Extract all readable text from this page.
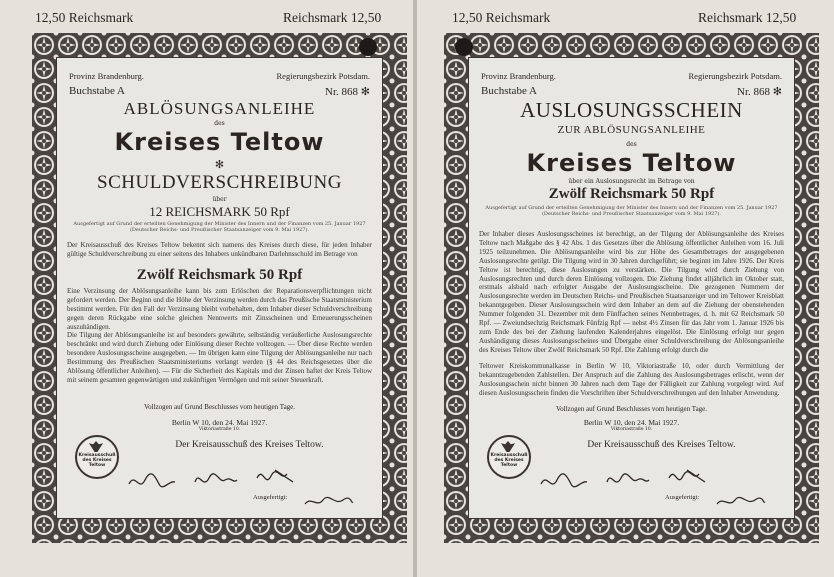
12,50 Reichsmark	Reichsmark 12,50
Provinz Brandenburg.	Regierungsbezirk Potsdam.
Buchstabe A	Nr. 868 ✻
ABLÖSUNGSANLEIHE
des
Kreises Teltow
✻
SCHULDVERSCHREIBUNG
über
12 REICHSMARK 50 Rpf
Ausgefertigt auf Grund der erteilten Genehmigung der Minister des Innern und der Finanzen vom 25. Januar 1927 (Deutscher Reichs- und Preußischer Staatsanzeiger vom 9. Mai 1927).
Der Kreisausschuß des Kreises Teltow bekennt sich namens des Kreises durch diese, für jeden Inhaber gültige Schuldverschreibung zu einer seitens des Inhabers unkündbaren Darlehnsschuld im Betrage von
Zwölf Reichsmark 50 Rpf
Eine Verzinsung der Ablösungsanleihe kann bis zum Erlöschen der Reparationsverpflichtungen nicht gefordert werden. Der Beginn und die Höhe der Verzinsung werden durch das Preußische Staatsministerium bestimmt werden. Für den Fall der Verzinsung bleibt vorbehalten, dem Inhaber dieser Schuldverschreibung gegen deren Rückgabe eine solche gleichen Nennwerts mit Zinsscheinen und Erneuerungsscheinen auszuhändigen.
Die Tilgung der Ablösungsanleihe ist auf besonders gewährte, selbständig veräußerliche Auslosungsrechte beschränkt und wird durch Ziehung oder Einlösung dieser Rechte vollzogen. — Über diese Rechte werden besondere Auslosungsscheine ausgegeben. — Im übrigen kann eine Tilgung der Ablösungsanleihe nur nach Bestimmung des Preußischen Staatsministeriums verlangt werden (§ 44 des Reichsgesetzes über die Ablösung öffentlicher Anleihen). — Für die Sicherheit des Kapitals und der Zinsen haftet der Kreis Teltow mit seinem gesamten gegenwärtigen und zukünftigen Vermögen und mit seiner Steuerkraft.
Vollzogen auf Grund Beschlusses vom heutigen Tage.
Berlin W 10, den 24. Mai 1927.
Viktoriastraße 10.
Kreisausschuß des Kreises Teltow
Der Kreisausschuß des Kreises Teltow.
Ausgefertigt:
12,50 Reichsmark	Reichsmark 12,50
Provinz Brandenburg.	Regierungsbezirk Potsdam.
Buchstabe A	Nr. 868 ✻
AUSLOSUNGSSCHEIN
ZUR ABLÖSUNGSANLEIHE
des
Kreises Teltow
über ein Auslosungsrecht im Betrage von
Zwölf Reichsmark 50 Rpf
Ausgefertigt auf Grund der erteilten Genehmigung der Minister des Innern und der Finanzen vom 25. Januar 1927 (Deutscher Reichs- und Preußischer Staatsanzeiger vom 9. Mai 1927).
Der Inhaber dieses Auslosungsscheines ist berechtigt, an der Tilgung der Ablösungsanleihe des Kreises Teltow nach Maßgabe des § 42 Abs. 1 des Gesetzes über die Ablösung öffentlicher Anleihen vom 16. Juli 1925 teilzunehmen. Die Ablösungsanleihe wird bis zur Höhe des Gesamtbetrages der ausgegebenen Auslosungsrechte getilgt. Die Tilgung wird in 30 Jahren durchgeführt; sie beginnt im Jahre 1926. Der Kreis Teltow ist berechtigt, diese Auslosungen zu verstärken. Die Tilgung wird durch Ziehung von Auslosungsrechten und durch deren Einlösung vollzogen. Die Ziehung findet alljährlich im Oktober statt, erstmals alsbald nach erfolgter Ausgabe der Auslosungsscheine. Die gezogenen Nummern der Auslosungsrechte werden im Deutschen Reichs- und Preußischen Staatsanzeiger und im Teltower Kreisblatt bekanntgegeben. Dieser Auslosungsschein wird dem Inhaber an dem auf die Ziehung der obenstehenden Nummer folgenden 31. Dezember mit dem Fünffachen seines Nennbetrages, d. h. mit 62 Reichsmark 50 Rpf. — Zweiundsechzig Reichsmark Fünfzig Rpf — nebst 4½ Zinsen für das Jahr vom 1. Januar 1926 bis zum Ende des bei der Ziehung laufenden Kalenderjahres eingelöst. Die Einlösung erfolgt nur gegen Aushändigung dieses Auslosungsscheines und Übergabe einer Schuldverschreibung der Ablösungsanleihe des Kreises Teltow über Zwölf Reichsmark 50 Rpf. Die Zahlung erfolgt durch die
Teltower Kreiskommunalkasse in Berlin W 10, Viktoriastraße 10, oder durch Vermittlung der bekanntzugebenden Zahlstellen. Der Anspruch auf die Zahlung des Auslosungsbetrages erlischt, wenn der Auslosungsschein nicht binnen 30 Jahren nach dem Tage der Fälligkeit zur Zahlung vorgelegt wird. Auf diesen Auslosungsschein finden die Vorschriften über Schuldverschreibungen auf den Inhaber Anwendung.
Vollzogen auf Grund Beschlusses vom heutigen Tage.
Berlin W 10, den 24. Mai 1927.
Viktoriastraße 10.
Kreisausschuß des Kreises Teltow
Der Kreisausschuß des Kreises Teltow.
Ausgefertigt:
